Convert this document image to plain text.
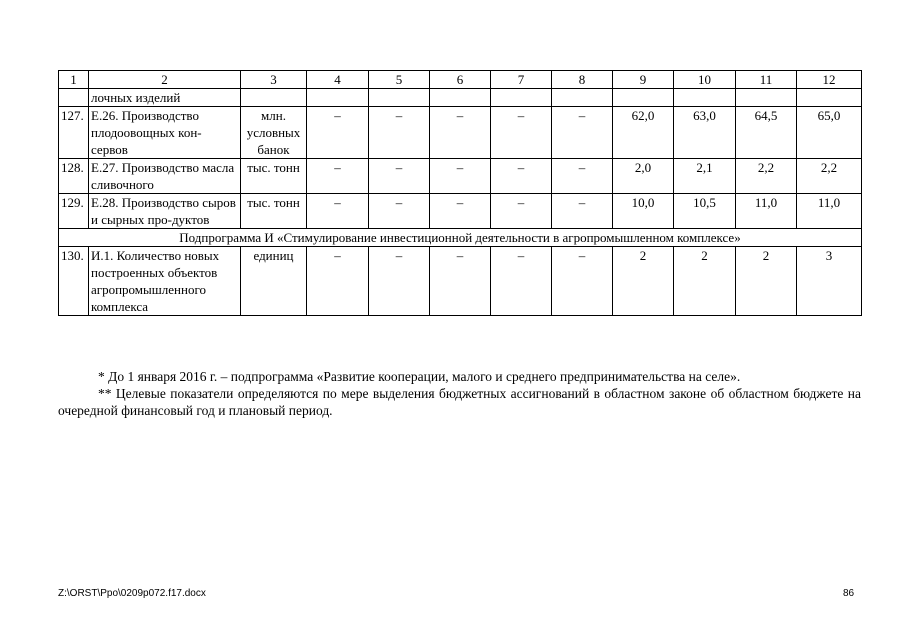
1	2	3	4	5	6	7	8	9	10	11	12
	лочных изделий										
127.	Е.26. Производство плодоовощных кон-сервов	млн. условных банок	–	–	–	–	–	62,0	63,0	64,5	65,0
128.	Е.27. Производство масла сливочного	тыс. тонн	–	–	–	–	–	2,0	2,1	2,2	2,2
129.	Е.28. Производство сыров и сырных про-дуктов	тыс. тонн	–	–	–	–	–	10,0	10,5	11,0	11,0
Подпрограмма И «Стимулирование инвестиционной деятельности в агропромышленном комплексе»											
130.	И.1. Количество новых построенных объектов агропромышленного комплекса	единиц	–	–	–	–	–	2	2	2	3

* До 1 января 2016 г. – подпрограмма «Развитие кооперации, малого и среднего предпринимательства на селе».

** Целевые показатели определяются по мере выделения бюджетных ассигнований в областном законе об областном бюджете на очередной финансовый год и плановый период.

Z:\ORST\Ppo\0209p072.f17.docx	86
